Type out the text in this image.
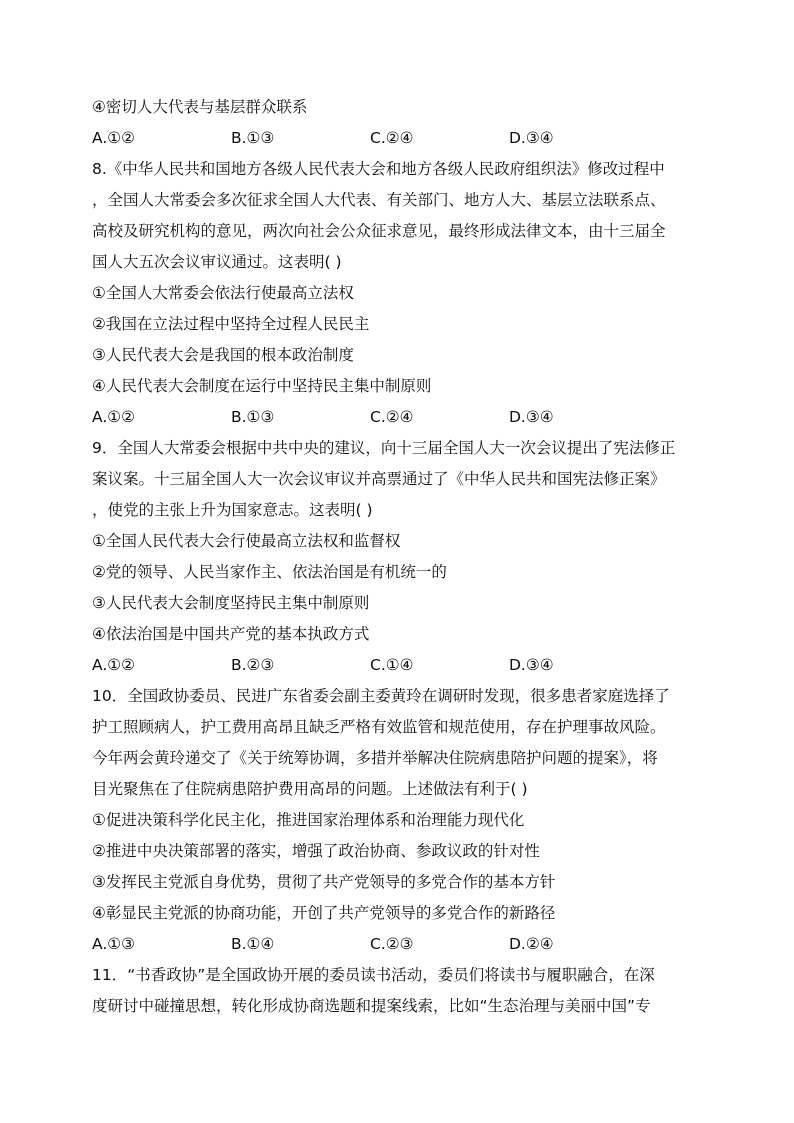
④密切人大代表与基层群众联系
A.①②	B.①③	C.②④	D.③④
8.《中华人民共和国地方各级人民代表大会和地方各级人民政府组织法》修改过程中
，全国人大常委会多次征求全国人大代表、有关部门、地方人大、基层立法联系点、
高校及研究机构的意见，两次向社会公众征求意见，最终形成法律文本，由十三届全
国人大五次会议审议通过。这表明( )
①全国人大常委会依法行使最高立法权
②我国在立法过程中坚持全过程人民民主
③人民代表大会是我国的根本政治制度
④人民代表大会制度在运行中坚持民主集中制原则
A.①②	B.①③	C.②④	D.③④
9．全国人大常委会根据中共中央的建议，向十三届全国人大一次会议提出了宪法修正
案议案。十三届全国人大一次会议审议并高票通过了《中华人民共和国宪法修正案》
，使党的主张上升为国家意志。这表明( )
①全国人民代表大会行使最高立法权和监督权
②党的领导、人民当家作主、依法治国是有机统一的
③人民代表大会制度坚持民主集中制原则
④依法治国是中国共产党的基本执政方式
A.①②	B.②③	C.①④	D.③④
10．全国政协委员、民进广东省委会副主委黄玲在调研时发现，很多患者家庭选择了
护工照顾病人，护工费用高昂且缺乏严格有效监管和规范使用，存在护理事故风险。
今年两会黄玲递交了《关于统筹协调，多措并举解决住院病患陪护问题的提案》，将
目光聚焦在了住院病患陪护费用高昂的问题。上述做法有利于( )
①促进决策科学化民主化，推进国家治理体系和治理能力现代化
②推进中央决策部署的落实，增强了政治协商、参政议政的针对性
③发挥民主党派自身优势，贯彻了共产党领导的多党合作的基本方针
④彰显民主党派的协商功能，开创了共产党领导的多党合作的新路径
A.①③	B.①④	C.②③	D.②④
11．“书香政协”是全国政协开展的委员读书活动，委员们将读书与履职融合，在深
度研讨中碰撞思想，转化形成协商选题和提案线索，比如“生态治理与美丽中国”专
